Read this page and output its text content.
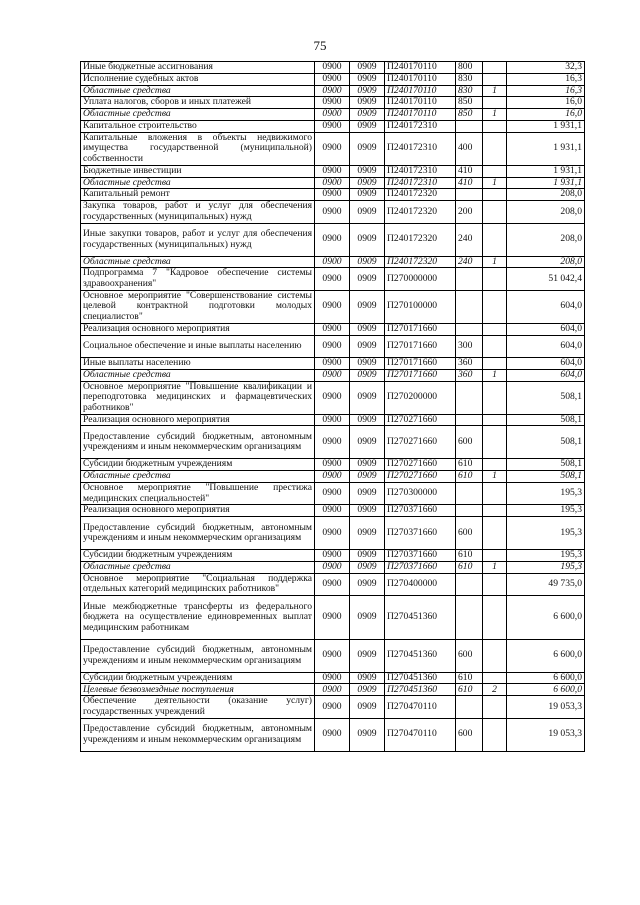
75
Иные бюджетные ассигнования	0900	0909	П240170110	800		32,3
Исполнение судебных актов	0900	0909	П240170110	830		16,3
Областные средства	0900	0909	П240170110	830	1	16,3
Уплата налогов, сборов и иных платежей	0900	0909	П240170110	850		16,0
Областные средства	0900	0909	П240170110	850	1	16,0
Капитальное строительство	0900	0909	П240172310			1 931,1
Капитальные вложения в объекты недвижимого имущества государственной (муниципальной) собственности	0900	0909	П240172310	400		1 931,1
Бюджетные инвестиции	0900	0909	П240172310	410		1 931,1
Областные средства	0900	0909	П240172310	410	1	1 931,1
Капитальный ремонт	0900	0909	П240172320			208,0
Закупка товаров, работ и услуг для обеспечения государственных (муниципальных) нужд	0900	0909	П240172320	200		208,0
Иные закупки товаров, работ и услуг для обеспечения государственных (муниципальных) нужд	0900	0909	П240172320	240		208,0
Областные средства	0900	0909	П240172320	240	1	208,0
Подпрограмма 7 "Кадровое обеспечение системы здравоохранения"	0900	0909	П270000000			51 042,4
Основное мероприятие "Совершенствование системы целевой контрактной подготовки молодых специалистов"	0900	0909	П270100000			604,0
Реализация основного мероприятия	0900	0909	П270171660			604,0
Социальное обеспечение и иные выплаты населению	0900	0909	П270171660	300		604,0
Иные выплаты населению	0900	0909	П270171660	360		604,0
Областные средства	0900	0909	П270171660	360	1	604,0
Основное мероприятие "Повышение квалификации и переподготовка медицинских и фармацевтических работников"	0900	0909	П270200000			508,1
Реализация основного мероприятия	0900	0909	П270271660			508,1
Предоставление субсидий бюджетным, автономным учреждениям и иным некоммерческим организациям	0900	0909	П270271660	600		508,1
Субсидии бюджетным учреждениям	0900	0909	П270271660	610		508,1
Областные средства	0900	0909	П270271660	610	1	508,1
Основное мероприятие "Повышение престижа медицинских специальностей"	0900	0909	П270300000			195,3
Реализация основного мероприятия	0900	0909	П270371660			195,3
Предоставление субсидий бюджетным, автономным учреждениям и иным некоммерческим организациям	0900	0909	П270371660	600		195,3
Субсидии бюджетным учреждениям	0900	0909	П270371660	610		195,3
Областные средства	0900	0909	П270371660	610	1	195,3
Основное мероприятие "Социальная поддержка отдельных категорий медицинских работников"	0900	0909	П270400000			49 735,0
Иные межбюджетные трансферты из федерального бюджета на осуществление единовременных выплат медицинским работникам	0900	0909	П270451360			6 600,0
Предоставление субсидий бюджетным, автономным учреждениям и иным некоммерческим организациям	0900	0909	П270451360	600		6 600,0
Субсидии бюджетным учреждениям	0900	0909	П270451360	610		6 600,0
Целевые безвозмездные поступления	0900	0909	П270451360	610	2	6 600,0
Обеспечение деятельности (оказание услуг) государственных учреждений	0900	0909	П270470110			19 053,3
Предоставление субсидий бюджетным, автономным учреждениям и иным некоммерческим организациям	0900	0909	П270470110	600		19 053,3
